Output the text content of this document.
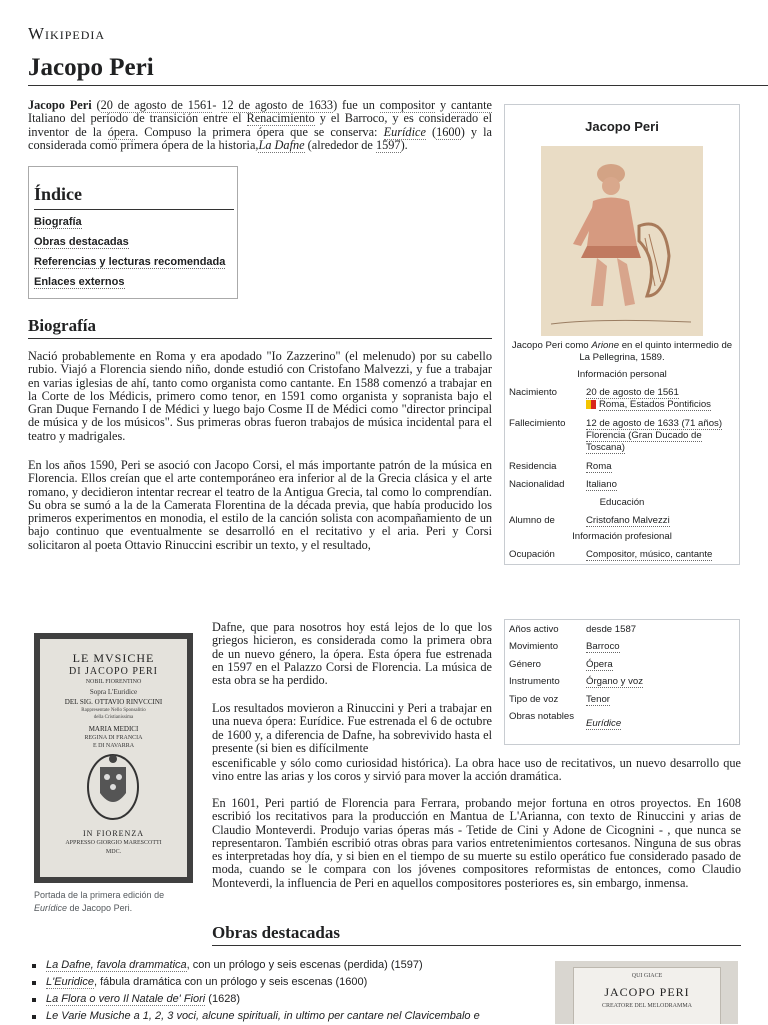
Wikipedia
Jacopo Peri

Jacopo Peri (20 de agosto de 1561- 12 de agosto de 1633) fue un compositor y cantante Italiano del período de transición entre el Renacimiento y el Barroco, y es considerado el inventor de la ópera. Compuso la primera ópera que se conserva: Eurídice (1600) y la considerada como primera ópera de la historia,La Dafne (alrededor de 1597).

Índice
Biografía
Obras destacadas
Referencias y lecturas recomendada
Enlaces externos
Biografía

Nació probablemente en Roma y era apodado "Io Zazzerino" (el melenudo) por su cabello rubio. Viajó a Florencia siendo niño, donde estudió con Cristofano Malvezzi, y fue a trabajar en varias iglesias de ahí, tanto como organista como cantante. En 1588 comenzó a trabajar en la Corte de los Médicis, primero como tenor, en 1591 como organista y sopranista bajo el Gran Duque Fernando I de Médici y luego bajo Cosme II de Médici como "director principal de música y de los músicos". Sus primeras obras fueron trabajos de música incidental para el teatro y madrigales.

En los años 1590, Peri se asoció con Jacopo Corsi, el más importante patrón de la música en Florencia. Ellos creían que el arte contemporáneo era inferior al de la Grecia clásica y el arte romano, y decidieron intentar recrear el teatro de la Antigua Grecia, tal como lo comprendían. Su obra se sumó a la de la Camerata Florentina de la década previa, que había producido los primeros experimentos en monodia, el estilo de la canción solista con acompañamiento de un bajo continuo que eventualmente se desarrolló en el recitativo y el aria. Peri y Corsi solicitaron al poeta Ottavio Rinuccini escribir un texto, y el resultado,

Jacopo Peri
Jacopo Peri como Arione en el quinto intermedio de La Pellegrina, 1589.
Información personal
Nacimiento	20 de agosto de 1561
Roma, Estados Pontificios
Fallecimiento	12 de agosto de 1633 (71 años)
Florencia (Gran Ducado de Toscana)
Residencia	Roma
Nacionalidad	Italiano
Educación
Alumno de	Cristofano Malvezzi
Información profesional
Ocupación	Compositor, músico, cantante
Años activo	desde 1587
Movimiento	Barroco
Género	Ópera
Instrumento	Órgano y voz
Tipo de voz	Tenor
Obras notables
Eurídice
LE MVSICHE
DI JACOPO PERI
NOBIL FIORENTINO
Sopra L'Euridice
DEL SIG. OTTAVIO RINVCCINI
Rappresentate Nello Sponsalitio
della Cristianissima
MARIA MEDICI
REGINA DI FRANCIA
E DI NAVARRA
IN FIORENZA
APPRESSO GIORGIO MARESCOTTI
MDC.
Portada de la primera edición de
Eurídice de Jacopo Peri.

Dafne, que para nosotros hoy está lejos de lo que los griegos hicieron, es considerada como la primera obra de un nuevo género, la ópera. Esta ópera fue estrenada en 1597 en el Palazzo Corsi de Florencia. La música de esta obra se ha perdido.

Los resultados movieron a Rinuccini y Peri a trabajar en una nueva ópera: Eurídice. Fue estrenada el 6 de octubre de 1600 y, a diferencia de Dafne, ha sobrevivido hasta el presente (si bien es difícilmente

escenificable y sólo como curiosidad histórica). La obra hace uso de recitativos, un nuevo desarrollo que vino entre las arias y los coros y sirvió para mover la acción dramática.

En 1601, Peri partió de Florencia para Ferrara, probando mejor fortuna en otros proyectos. En 1608 escribió los recitativos para la producción en Mantua de L'Arianna, con texto de Rinuccini y arias de Claudio Monteverdi. Produjo varias óperas más - Tetide de Cini y Adone de Cicognini - , que nunca se representaron. También escribió otras obras para varios entretenimientos cortesanos. Ninguna de sus obras es interpretadas hoy día, y si bien en el tiempo de su muerte su estilo operático fue considerado pasado de moda, cuando se le compara con los jóvenes compositores reformistas de entonces, como Claudio Monteverdi, la influencia de Peri en aquellos compositores posteriores es, sin embargo, inmensa.

Obras destacadas
La Dafne, favola drammatica, con un prólogo y seis escenas (perdida) (1597)
L'Euridice, fábula dramática con un prólogo y seis escenas (1600)
La Flora o vero Il Natale de' Fiori (1628)
Le Varie Musiche a 1, 2, 3 voci, alcune spirituali, in ultimo per cantare nel Clavicembalo e
QUI GIACE
JACOPO PERI
CREATORE DEL MELODRAMMA
